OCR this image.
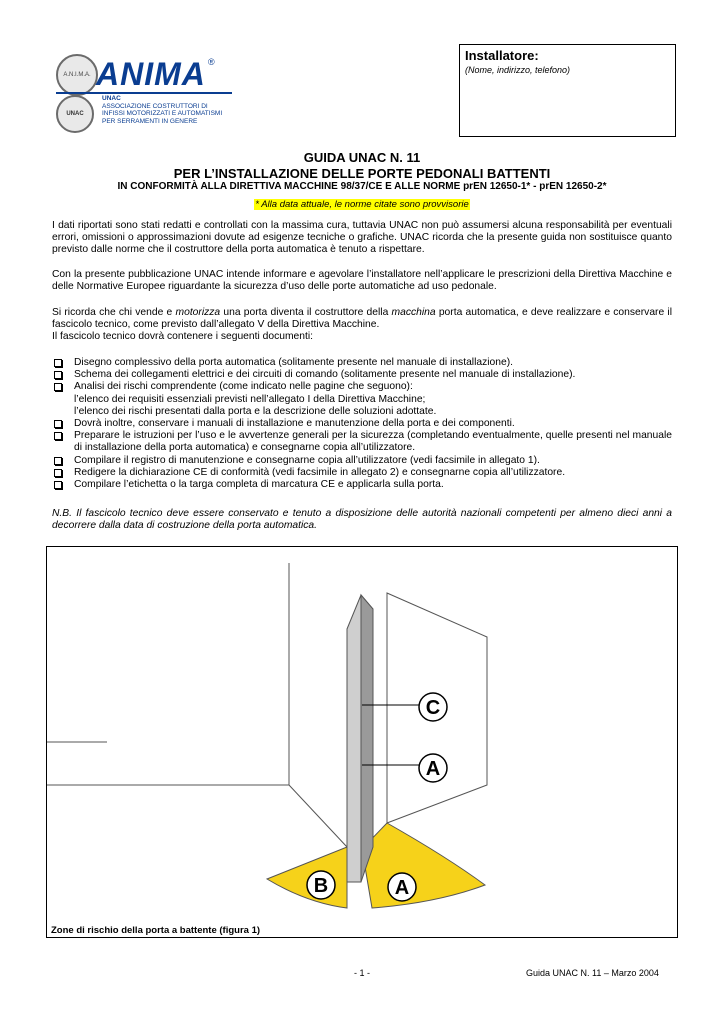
A.N.I.M.A. ANIMA ®
UNAC
UNAC
ASSOCIAZIONE COSTRUTTORI DI
INFISSI MOTORIZZATI E AUTOMATISMI
PER SERRAMENTI IN GENERE
Installatore:
(Nome, indirizzo, telefono)
GUIDA UNAC N. 11
PER L’INSTALLAZIONE DELLE PORTE PEDONALI BATTENTI
IN CONFORMITÀ ALLA DIRETTIVA MACCHINE 98/37/CE E ALLE NORME prEN 12650-1* - prEN 12650-2*
* Alla data attuale, le norme citate sono provvisorie
I dati riportati sono stati redatti e controllati con la massima cura, tuttavia UNAC non può assumersi alcuna responsabilità per eventuali errori, omissioni o approssimazioni dovute ad esigenze tecniche o grafiche. UNAC ricorda che la presente guida non sostituisce quanto previsto dalle norme che il costruttore della porta automatica è tenuto a rispettare.
Con la presente pubblicazione UNAC intende informare e agevolare l’installatore nell’applicare le prescrizioni della Direttiva Macchine e delle Normative Europee riguardante la sicurezza d’uso delle porte automatiche ad uso pedonale.
Si ricorda che chi vende e motorizza una porta diventa il costruttore della macchina porta automatica, e deve realizzare e conservare il fascicolo tecnico, come previsto dall’allegato V della Direttiva Macchine.
Il fascicolo tecnico dovrà contenere i seguenti documenti:
Disegno complessivo della porta automatica (solitamente presente nel manuale di installazione).
Schema dei collegamenti elettrici e dei circuiti di comando (solitamente presente nel manuale di installazione).
Analisi dei rischi comprendente (come indicato nelle pagine che seguono):
l’elenco dei requisiti essenziali previsti nell’allegato I della Direttiva Macchine;
l’elenco dei rischi presentati dalla porta e la descrizione delle soluzioni adottate.
Dovrà inoltre, conservare i manuali di installazione e manutenzione della porta e dei componenti.
Preparare le istruzioni per l’uso e le avvertenze generali per la sicurezza (completando eventualmente, quelle presenti nel manuale di installazione della porta automatica) e consegnarne copia all’utilizzatore.
Compilare il registro di manutenzione e consegnarne copia all’utilizzatore (vedi facsimile in allegato 1).
Redigere la dichiarazione CE di conformità (vedi facsimile in allegato 2) e consegnarne copia all’utilizzatore.
Compilare l’etichetta o la targa completa di marcatura CE e applicarla sulla porta.
N.B. Il fascicolo tecnico deve essere conservato e tenuto a disposizione delle autorità nazionali competenti per almeno dieci anni a decorrere dalla data di costruzione della porta automatica.
C
A
B	A
Zone di rischio della porta a battente (figura 1)
- 1 -	Guida UNAC N. 11 – Marzo 2004
